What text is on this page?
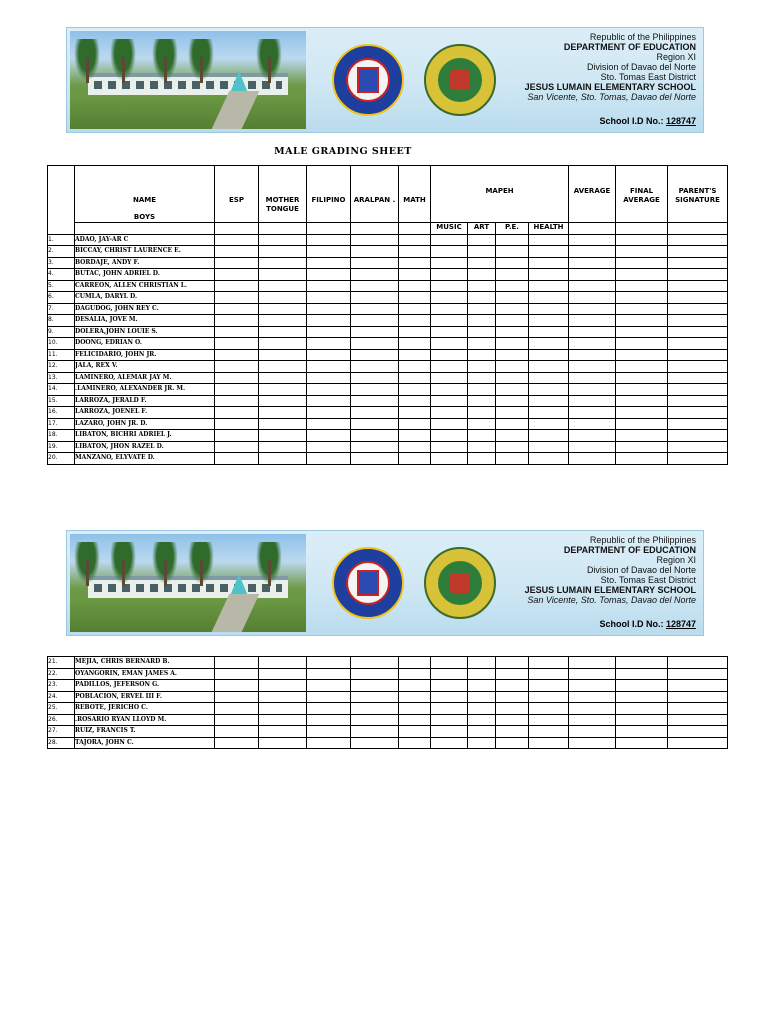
Republic of the Philippines
DEPARTMENT OF EDUCATION
Region XI
Division of Davao del Norte
Sto. Tomas East District
JESUS LUMAIN ELEMENTARY SCHOOL
San Vicente, Sto. Tomas, Davao del Norte
School I.D No.: 128747
MALE GRADING SHEET

	NAME
BOYS	ESP	MOTHER TONGUE	FILIPINO	ARALPAN .	MATH	MAPEH				AVERAGE	FINAL AVERAGE	PARENT'S SIGNATURE
							MUSIC	ART	P.E.	HEALTH			
1.	ADAO, JAY-AR C												
2.	BICCAY, CHRIST LAURENCE E.												
3.	BORDAJE, ANDY F.												
4.	BUTAC, JOHN ADRIEL D.												
5.	CARREON, ALLEN CHRISTIAN L.												
6.	CUMLA, DARYL D.												
7.	DAGUDOG, JOHN REY C.												
8.	DESALIA, JOVE M.												
9.	DOLERA,JOHN LOUIE S.												
10.	DOONG, EDRIAN O.												
11.	FELICIDARIO, JOHN JR.												
12.	JALA, REX V.												
13.	LAMINERO, ALEMAR JAY M.												
14.	.LAMINERO, ALEXANDER JR. M.												
15.	LARROZA, JERALD F.												
16.	LARROZA, JOENEL F.												
17.	LAZARO, JOHN JR. D.												
18.	LIBATON, BICHRI ADRIEL J.												
19.	LIBATON, JHON RAZEL D.												
20.	MANZANO, ELYVATE D.												
Republic of the Philippines
DEPARTMENT OF EDUCATION
Region XI
Division of Davao del Norte
Sto. Tomas East District
JESUS LUMAIN ELEMENTARY SCHOOL
San Vicente, Sto. Tomas, Davao del Norte
School I.D No.: 128747
21.	MEJIA, CHRIS BERNARD B.												
22.	OYANGORIN, EMAN JAMES A.												
23.	PADILLOS, JEFERSON G.												
24.	POBLACION, ERVEL III F.												
25.	REBOTE, JERICHO C.												
26.	.ROSARIO RYAN LLOYD M.												
27.	RUIZ, FRANCIS T.												
28.	TAJORA, JOHN C.												
